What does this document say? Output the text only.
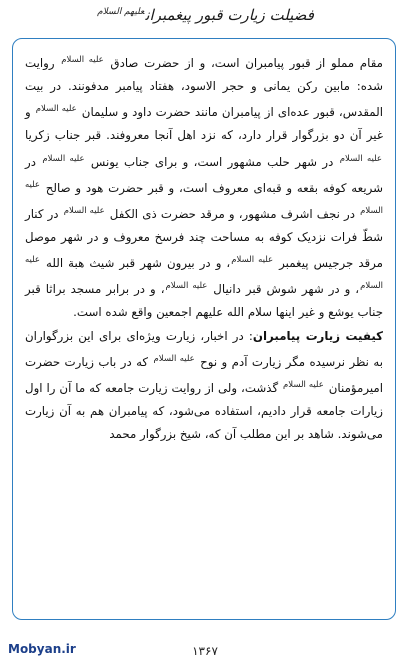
فضیلت زیارت قبور پیغمبران$^{علیهم السلام}$

مقام مملو از قبور پیامبران است، و از حضرت صادق $^{علیه السلام}$ روایت شده: مابین رکن یمانی و حجر الاسود، هفتاد پیامبر مدفونند. در بیت المقدس، قبور عده‌ای از پیامبران مانند حضرت داود و سلیمان $^{علیه السلام}$ و غیر آن دو بزرگوار قرار دارد، که نزد اهل آنجا معروفند. قبر جناب زکریا $^{علیه السلام}$ در شهر حلب مشهور است، و برای جناب یونس $^{علیه السلام}$ در شریعه کوفه بقعه و قبه‌ای معروف است، و قبر حضرت هود و صالح $^{علیه السلام}$ در نجف اشرف مشهور، و مرقد حضرت ذی الکفل $^{علیه السلام}$ در کنار شطّ فرات نزدیک کوفه به مساحت چند فرسخ معروف و در شهر موصل مرقد جرجیس پیغمبر $^{علیه السلام}$، و در بیرون شهر قبر شیث هبة الله $^{علیه السلام}$، و در شهر شوش قبر دانیال $^{علیه السلام}$، و در برابر مسجد براثا قبر جناب یوشع و غیر اینها سلام الله علیهم اجمعین واقع شده است.

کیفیت زیارت پیامبران: در اخبار، زیارت ویژه‌ای برای این بزرگواران به نظر نرسیده مگر زیارت آدم و نوح $^{علیه السلام}$ که در باب زیارت حضرت امیرمؤمنان $^{علیه السلام}$ گذشت، ولی از روایت زیارت جامعه که ما آن را اول زیارات جامعه قرار دادیم، استفاده می‌شود، که پیامبران هم به آن زیارت می‌شوند. شاهد بر این مطلب آن که، شیخ بزرگوار محمد

Mobyan.ir	۱۳۶۷
